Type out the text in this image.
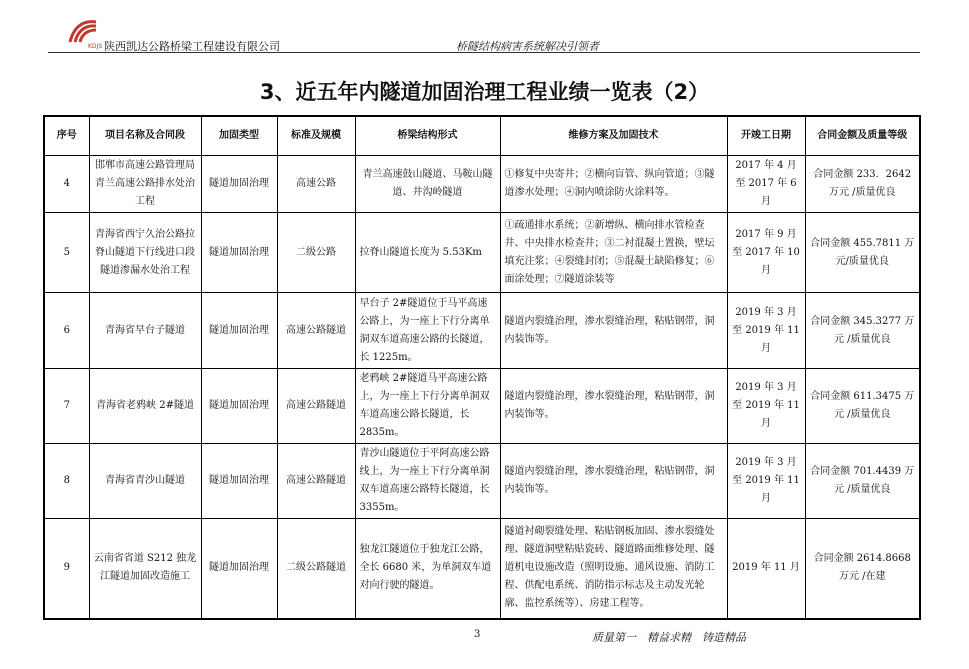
KDJS 陕西凯达公路桥梁工程建设有限公司	桥隧结构病害系统解决引领者
3、近五年内隧道加固治理工程业绩一览表（2）
序号	项目名称及合同段	加固类型	标准及规模	桥梁结构形式	维修方案及加固技术	开竣工日期	合同金额及质量等级
4	邯郸市高速公路管理局青兰高速公路排水处治工程	隧道加固治理	高速公路	青兰高速鼓山隧道、马鞍山隧道、井沟岭隧道	①修复中央寄井；②横向盲管、纵向管道；③隧道渗水处理；④洞内喷涂防火涂料等。	2017 年 4 月至 2017 年 6 月	合同金额 233．2642 万元 /质量优良
5	青海省西宁久治公路拉脊山隧道下行线进口段隧道渗漏水处治工程	隧道加固治理	二级公路	拉脊山隧道长度为 5.53Km	①疏通排水系统；②新增纵、横向排水管检查井、中央排水检查井；③二衬混凝土置换，壁坛填充注浆；④裂缝封闭；⑤混凝土缺陷修复；⑥面涂处理；⑦隧道涂装等	2017 年 9 月至 2017 年 10 月	合同金额 455.7811 万元/质量优良
6	青海省早台子隧道	隧道加固治理	高速公路隧道	早台子 2#隧道位于马平高速公路上，为一座上下行分离单洞双车道高速公路的长隧道，长 1225m。	隧道内裂缝治理，渗水裂缝治理，粘贴钢带，洞内装饰等。	2019 年 3 月至 2019 年 11 月	合同金额 345.3277 万元 /质量优良
7	青海省老鸦峡 2#隧道	隧道加固治理	高速公路隧道	老鸦峡 2#隧道马平高速公路上，为一座上下行分离单洞双车道高速公路长隧道，长 2835m。	隧道内裂缝治理，渗水裂缝治理，粘贴钢带，洞内装饰等。	2019 年 3 月至 2019 年 11 月	合同金额 611.3475 万元 /质量优良
8	青海省青沙山隧道	隧道加固治理	高速公路隧道	青沙山隧道位于平阿高速公路线上，为一座上下行分离单洞双车道高速公路特长隧道，长 3355m。	隧道内裂缝治理，渗水裂缝治理，粘贴钢带，洞内装饰等。	2019 年 3 月至 2019 年 11 月	合同金额 701.4439 万元 /质量优良
9	云南省省道 S212 独龙江隧道加固改造施工	隧道加固治理	二级公路隧道	独龙江隧道位于独龙江公路，全长 6680 米，为单洞双车道对向行驶的隧道。	隧道衬砌裂缝处理、粘贴钢板加固、渗水裂缝处理、隧道洞壁粘贴瓷砖、隧道路面维修处理、隧道机电设施改造（照明设施、通风设施、消防工程、供配电系统、消防指示标志及主动发光轮廓、监控系统等）、房建工程等。	2019 年 11 月	合同金额 2614.8668 万元 /在建
3	质量第一　精益求精　铸造精品
